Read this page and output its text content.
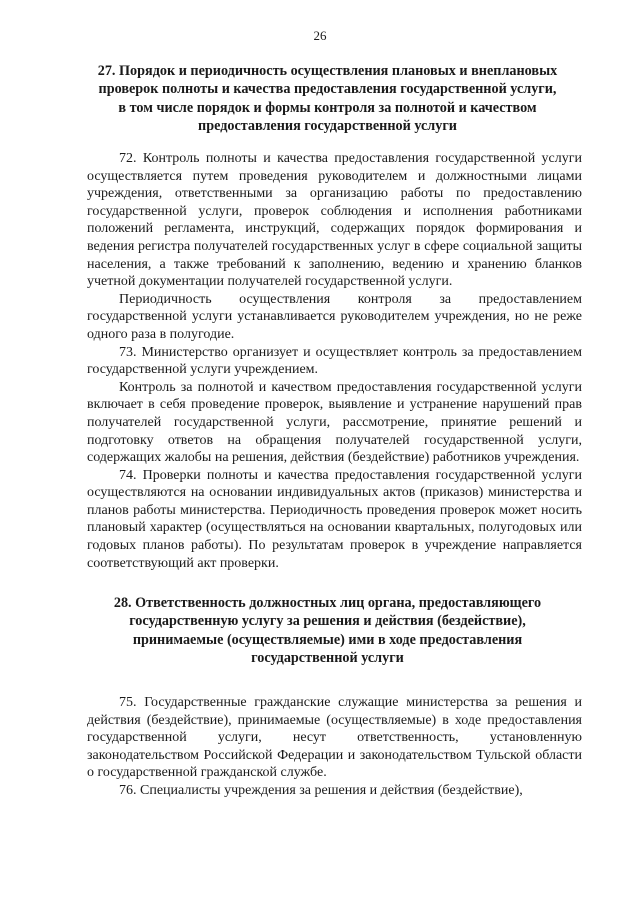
26
27. Порядок и периодичность осуществления плановых и внеплановых проверок полноты и качества предоставления государственной услуги, в том числе порядок и формы контроля за полнотой и качеством предоставления государственной услуги

72. Контроль полноты и качества предоставления государственной услуги осуществляется путем проведения руководителем и должностными лицами учреждения, ответственными за организацию работы по предоставлению государственной услуги, проверок соблюдения и исполнения работниками положений регламента, инструкций, содержащих порядок формирования и ведения регистра получателей государственных услуг в сфере социальной защиты населения, а также требований к заполнению, ведению и хранению бланков учетной документации получателей государственной услуги.

Периодичность осуществления контроля за предоставлением государственной услуги устанавливается руководителем учреждения, но не реже одного раза в полугодие.

73. Министерство организует и осуществляет контроль за предоставлением государственной услуги учреждением.

Контроль за полнотой и качеством предоставления государственной услуги включает в себя проведение проверок, выявление и устранение нарушений прав получателей государственной услуги, рассмотрение, принятие решений и подготовку ответов на обращения получателей государственной услуги, содержащих жалобы на решения, действия (бездействие) работников учреждения.

74. Проверки полноты и качества предоставления государственной услуги осуществляются на основании индивидуальных актов (приказов) министерства и планов работы министерства. Периодичность проведения проверок может носить плановый характер (осуществляться на основании квартальных, полугодовых или годовых планов работы). По результатам проверок в учреждение направляется соответствующий акт проверки.

28. Ответственность должностных лиц органа, предоставляющего государственную услугу за решения и действия (бездействие), принимаемые (осуществляемые) ими в ходе предоставления государственной услуги

75. Государственные гражданские служащие министерства за решения и действия (бездействие), принимаемые (осуществляемые) в ходе предоставления государственной услуги, несут ответственность, установленную законодательством Российской Федерации и законодательством Тульской области о государственной гражданской службе.

76. Специалисты учреждения за решения и действия (бездействие),
